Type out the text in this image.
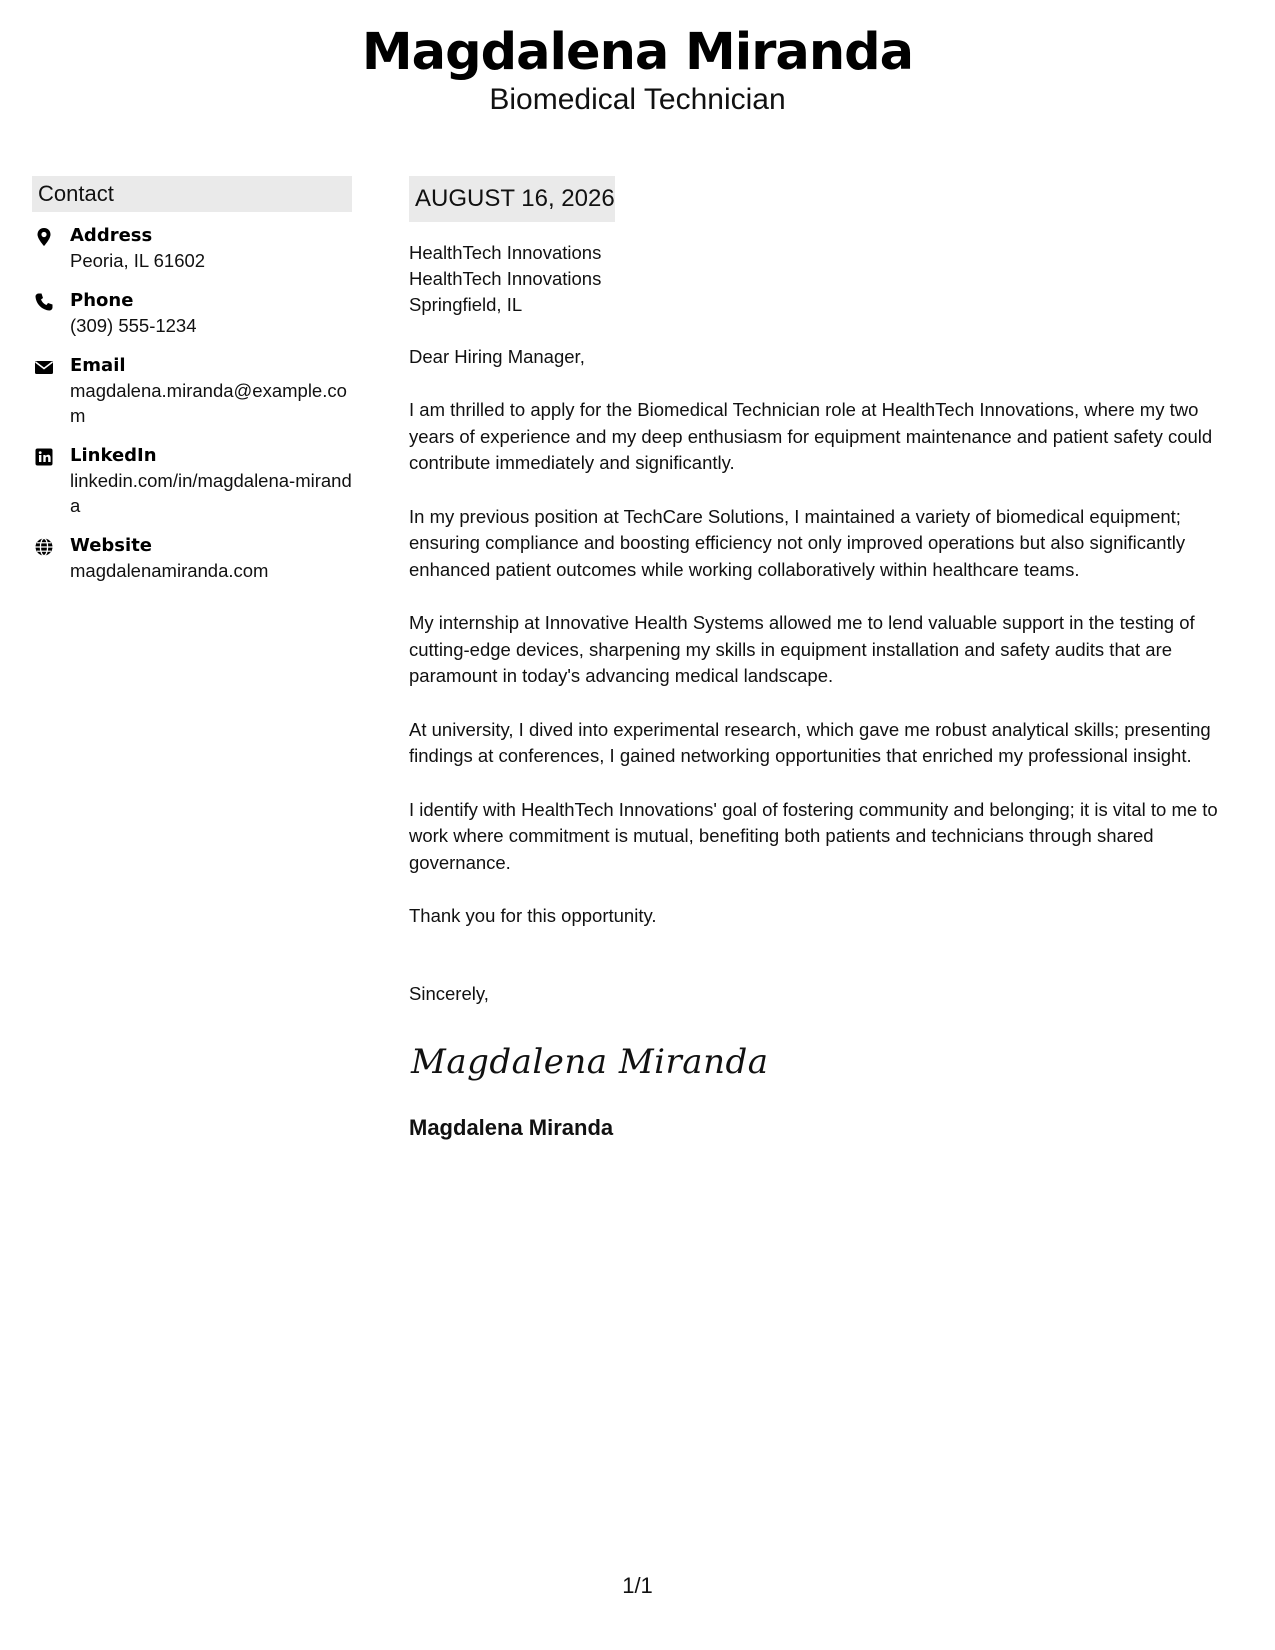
Magdalena Miranda
Biomedical Technician
Contact
Address
Peoria, IL 61602
Phone
(309) 555-1234
Email
magdalena.miranda@example.com
LinkedIn
linkedin.com/in/magdalena-miranda
Website
magdalenamiranda.com
AUGUST 16, 2026
HealthTech Innovations
HealthTech Innovations
Springfield, IL
Dear Hiring Manager,
I am thrilled to apply for the Biomedical Technician role at HealthTech Innovations, where my two years of experience and my deep enthusiasm for equipment maintenance and patient safety could contribute immediately and significantly.
In my previous position at TechCare Solutions, I maintained a variety of biomedical equipment; ensuring compliance and boosting efficiency not only improved operations but also significantly enhanced patient outcomes while working collaboratively within healthcare teams.
My internship at Innovative Health Systems allowed me to lend valuable support in the testing of cutting-edge devices, sharpening my skills in equipment installation and safety audits that are paramount in today's advancing medical landscape.
At university, I dived into experimental research, which gave me robust analytical skills; presenting findings at conferences, I gained networking opportunities that enriched my professional insight.
I identify with HealthTech Innovations' goal of fostering community and belonging; it is vital to me to work where commitment is mutual, benefiting both patients and technicians through shared governance.
Thank you for this opportunity.
Sincerely,
Magdalena Miranda
Magdalena Miranda
1/1
